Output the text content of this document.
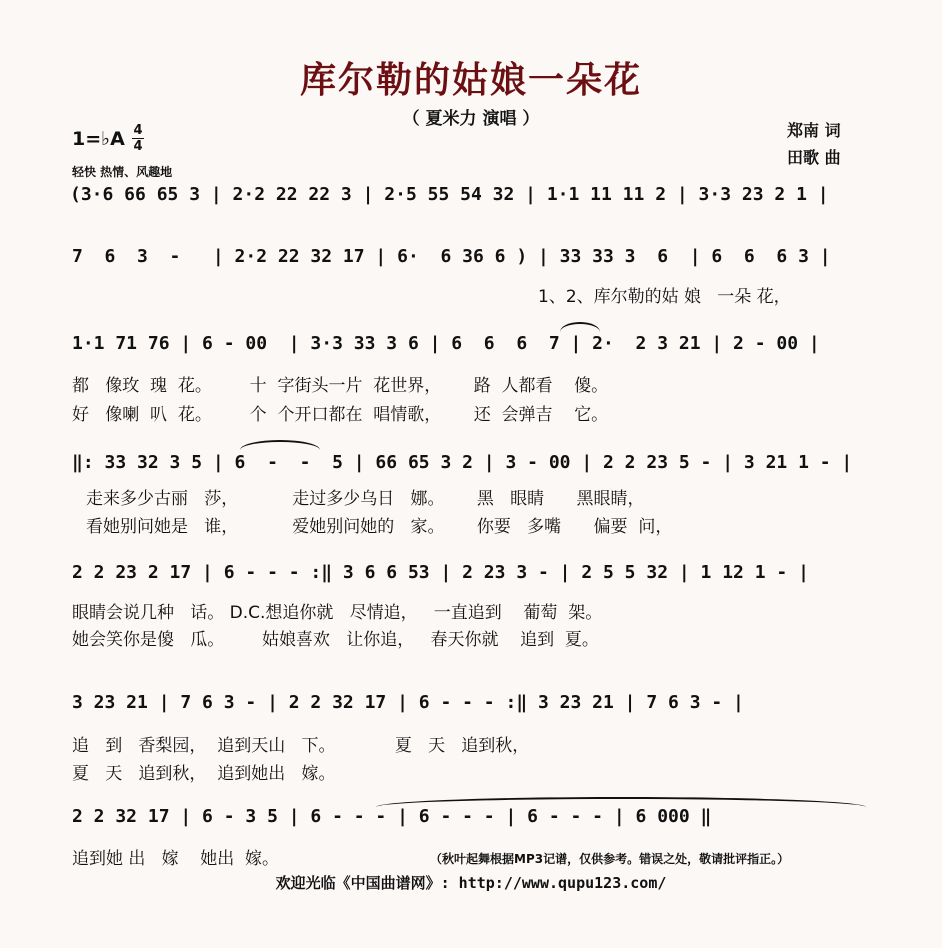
库尔勒的姑娘一朵花
（ 夏米力 演唱 ）
郑南 词
田歌 曲
1=♭A 4
4
轻快 热情、风趣地
(3·6 66 65 3 | 2·2 22 22 3 | 2·5 55 54 32 | 1·1 11 11 2 | 3·3 23 2 1 |
7  6  3  -   | 2·2 22 32 17 | 6·  6 36 6 ) | 33 33 3  6  | 6  6  6 3 |
1、2、库尔勒的姑 娘   一朵 花，
1·1 71 76 | 6 - 00  | 3·3 33 3 6 | 6  6  6  7 | 2·  2 3 21 | 2 - 00 |
都   像玫  瑰  花。       十  字街头一片  花世界，      路  人都看    傻。
好   像喇  叭  花。       个  个开口都在  唱情歌，      还  会弹吉    它。
‖: 33 32 3 5 | 6  -  -  5 | 66 65 3 2 | 3 - 00 | 2 2 23 5 - | 3 21 1 - |
走来多少古丽   莎，          走过多少乌日   娜。      黑   眼睛      黑眼睛，
看她别问她是   谁，          爱她别问她的   家。      你要   多嘴      偏要  问，
2 2 23 2 17 | 6 - - - :‖ 3 6 6 53 | 2 23 3 - | 2 5 5 32 | 1 12 1 - |
眼睛会说几种   话。 D.C.想追你就   尽情追，   一直追到    葡萄  架。
她会笑你是傻   瓜。       姑娘喜欢   让你追，   春天你就    追到  夏。
3 23 21 | 7 6 3 - | 2 2 32 17 | 6 - - - :‖ 3 23 21 | 7 6 3 - |
追   到   香梨园，  追到天山   下。           夏   天   追到秋，
夏   天   追到秋，  追到她出   嫁。
2 2 32 17 | 6 - 3 5 | 6 - - - | 6 - - - | 6 - - - | 6 000 ‖
追到她 出   嫁    她出  嫁。	（秋叶起舞根据MP3记谱，仅供参考。错误之处，敬请批评指正。）
欢迎光临《中国曲谱网》: http://www.qupu123.com/
